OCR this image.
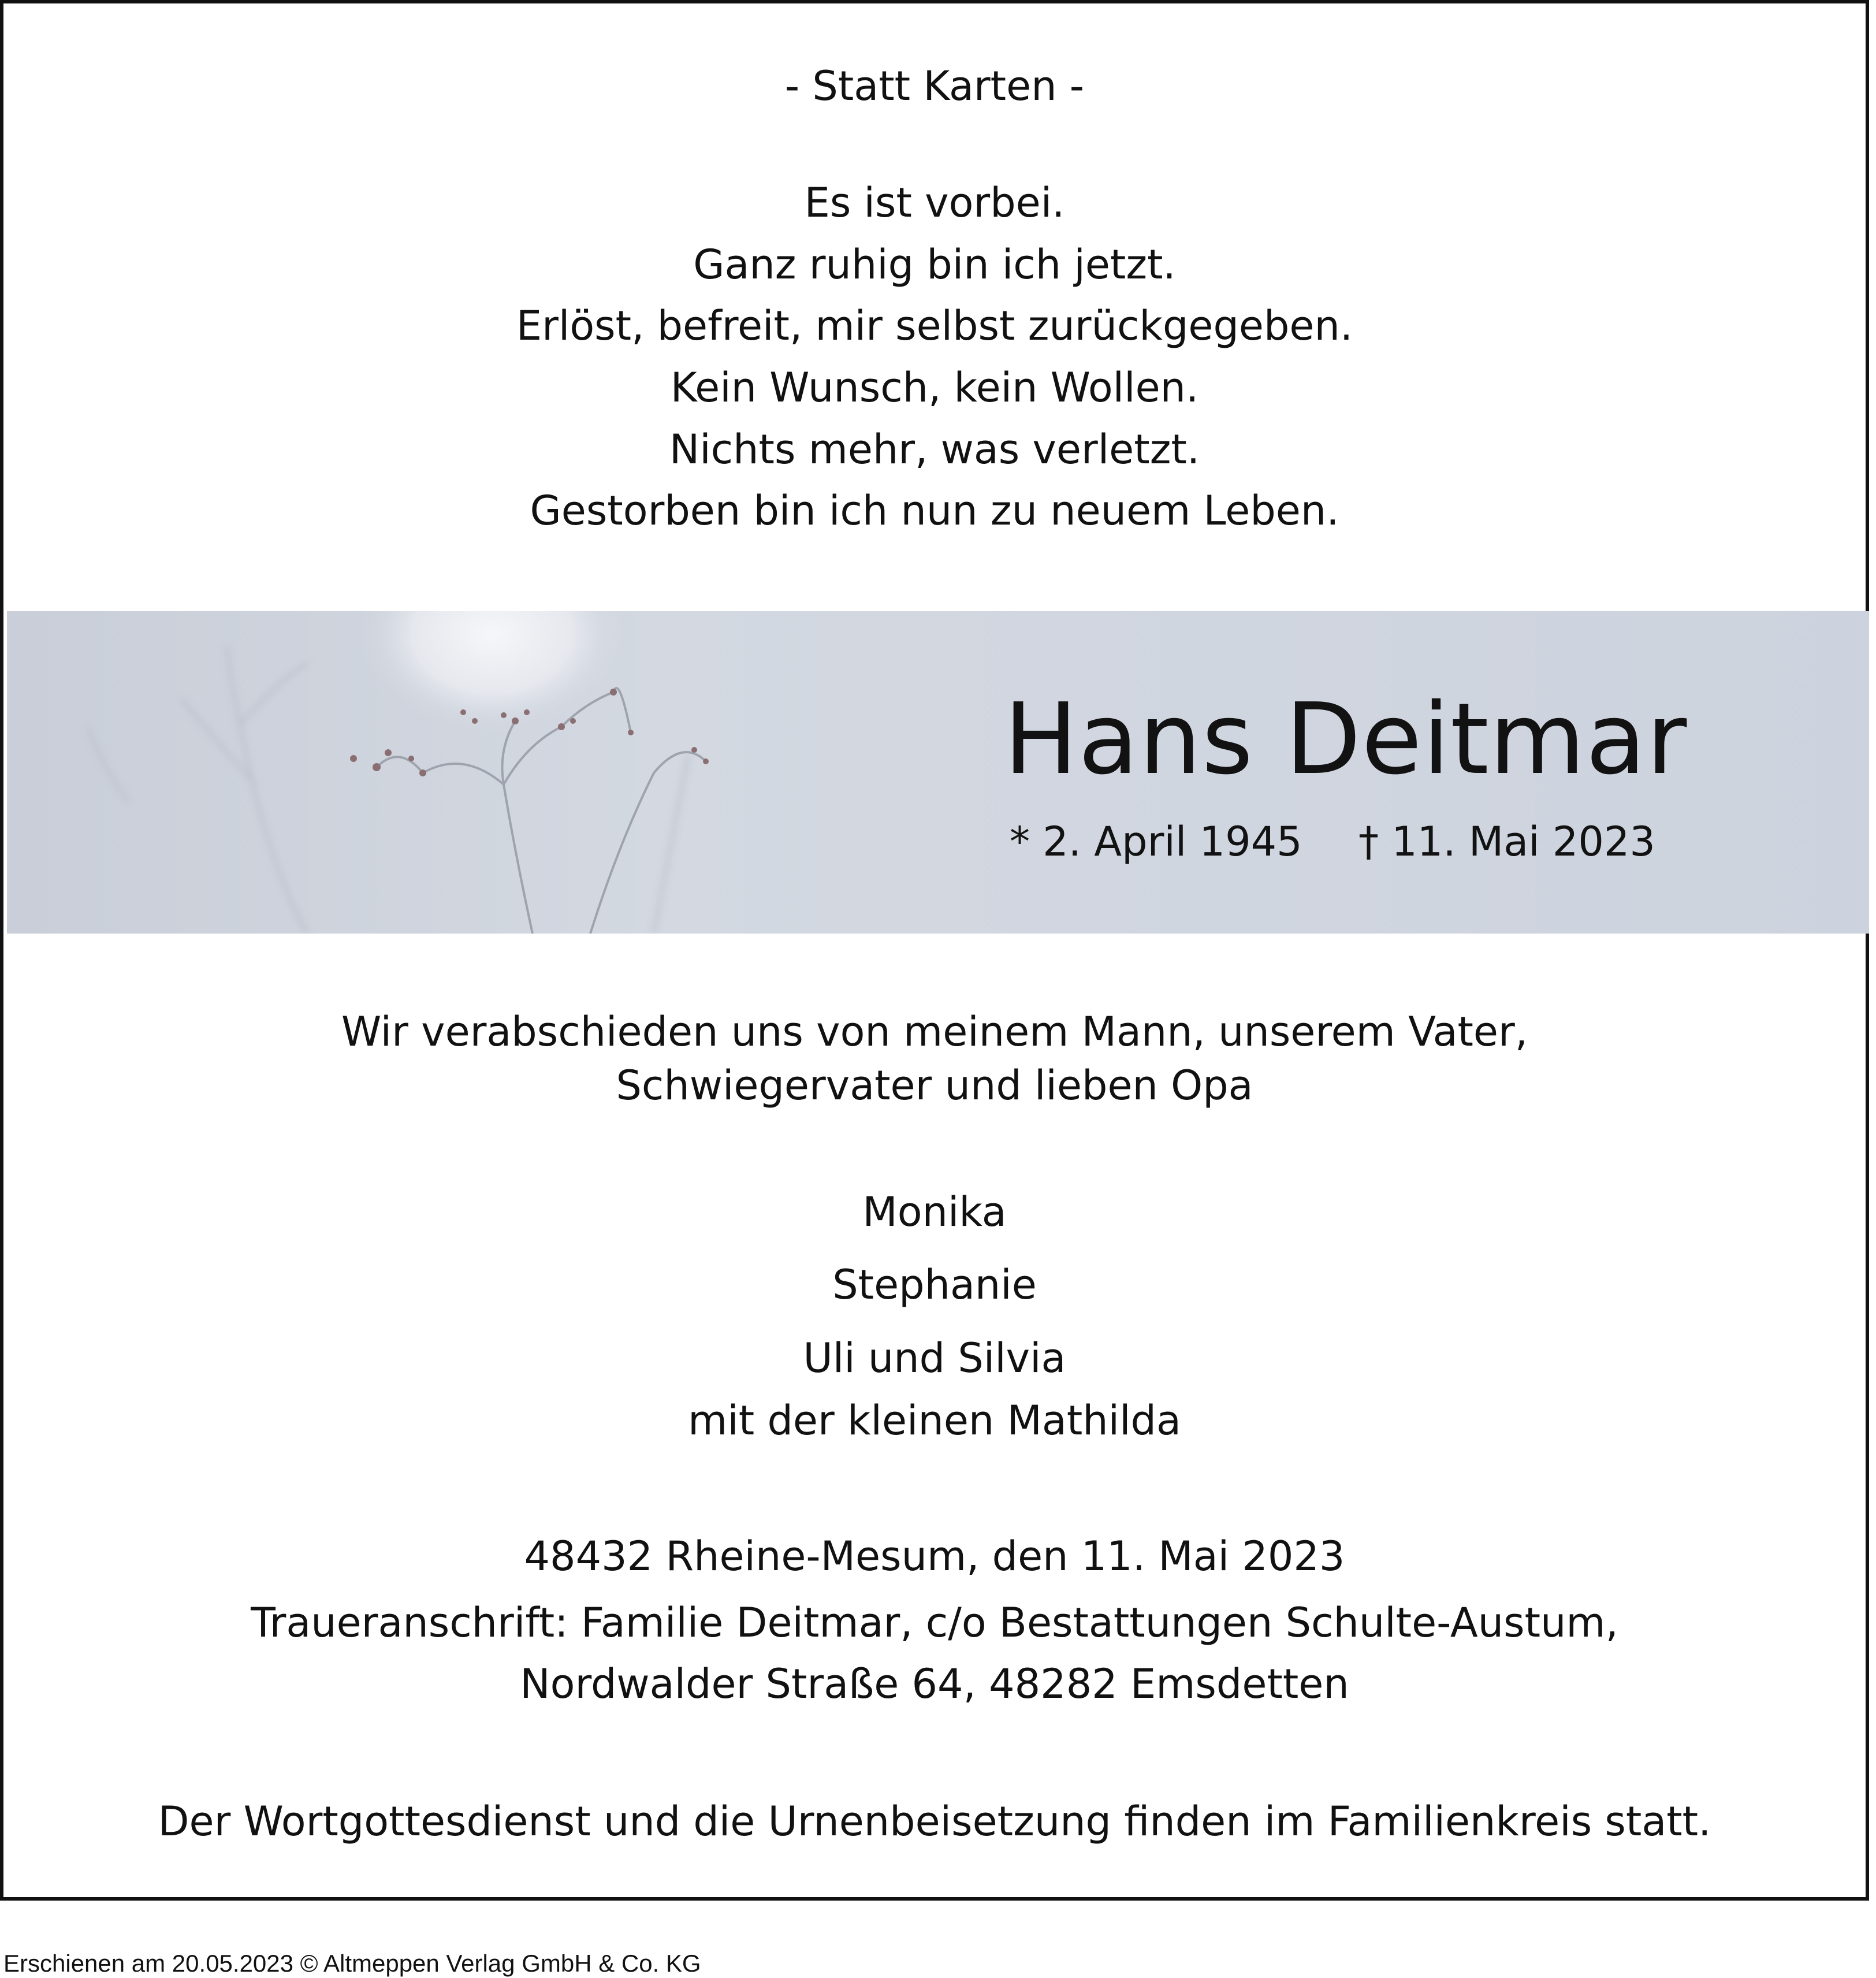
- Statt Karten -
Es ist vorbei.
Ganz ruhig bin ich jetzt.
Erlöst, befreit, mir selbst zurückgegeben.
Kein Wunsch, kein Wollen.
Nichts mehr, was verletzt.
Gestorben bin ich nun zu neuem Leben.
Wir verabschieden uns von meinem Mann, unserem Vater,
Schwiegervater und lieben Opa
Monika
Stephanie
Uli und Silvia
mit der kleinen Mathilda
48432 Rheine-Mesum, den 11. Mai 2023
Traueranschrift: Familie Deitmar, c/o Bestattungen Schulte-Austum,
Nordwalder Straße 64, 48282 Emsdetten
Der Wortgottesdienst und die Urnenbeisetzung finden im Familienkreis statt.
Hans Deitmar
* 2. April 1945 † 11. Mai 2023
Erschienen am 20.05.2023 © Altmeppen Verlag GmbH & Co. KG
